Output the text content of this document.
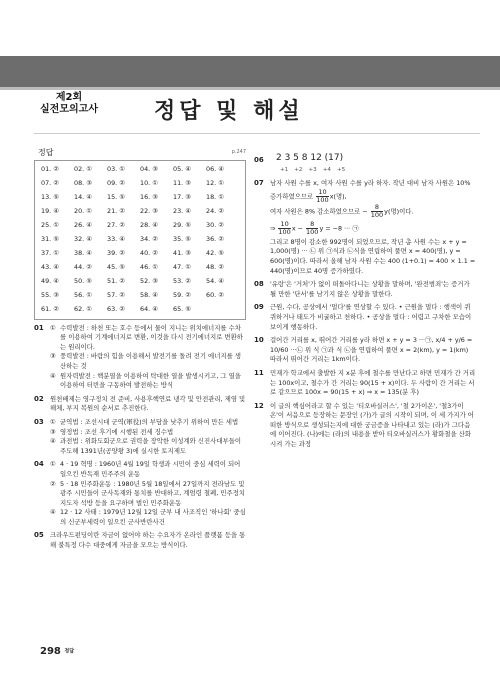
제2회
실전모의고사	정답 및 해설
정답	p.247
01. ②	02. ①	03. ①	04. ③	05. ④	06. ④
07. ②	08. ③	09. ②	10. ①	11. ③	12. ①
13. ⑤	14. ④	15. ⑤	16. ③	17. ③	18. ①
19. ④	20. ①	21. ②	22. ③	23. ④	24. ②
25. ①	26. ④	27. ②	28. ④	29. ⑤	30. ②
31. ⑤	32. ④	33. ④	34. ②	35. ⑤	36. ②
37. ①	38. ④	39. ②	40. ②	41. ③	42. ⑤
43. ④	44. ②	45. ⑤	46. ①	47. ①	48. ②
49. ④	50. ⑤	51. ②	52. ③	53. ②	54. ④
55. ③	56. ①	57. ②	58. ④	59. ②	60. ②
61. ②	62. ①	63. ②	64. ④	65. ⑤
01 ① 수력발전 : 하천 또는 호수 등에서 물이 지니는 위치에너지를 수차를 이용하여 기계에너지로 변환, 이것을 다시 전기에너지로 변환하는 원리이다.
③ 풍력발전 : 바람의 힘을 이용해서 발전기를 돌려 전기 에너지를 생산하는 것
④ 원자력발전 : 핵분열을 이용하여 탁대한 열을 발생시키고, 그 열을 이용하여 터빈을 구동하여 발전하는 방식
02 원천배제는 영구정치 전 준비, 사용후핵연료 냉각 및 안전관리, 제염 및 해체, 부지 복원의 순서로 추진한다.
03 ① 균역법 : 조선시대 군역(軍役)의 부담을 낮추기 위하여 만든 세법
③ 영정법 : 조선 후기에 시행된 전세 징수법
④ 과전법 : 위화도회군으로 권력을 장악한 이성계와 신진사대부들이 주도해 1391년(공양왕 3)에 실시한 토지제도
04 ① 4 · 19 혁명 : 1960년 4월 19일 학생과 시민이 중심 세력이 되어 일으킨 반독재 민주주의 운동
② 5 · 18 민주화운동 : 1980년 5월 18일에서 27일까지 전라남도 및 광주 시민들이 군사독재와 통치를 반대하고, 계엄령 철폐, 민주정치 지도자 석방 등을 요구하며 벌인 민주화운동
④ 12 · 12 사태 : 1979년 12월 12일 군부 내 사조직인 '하나회' 중심의 신군부세력이 일으킨 군사반란사건
05 크라우드펀딩이란 자금이 없어야 하는 수요자가 온라인 플랫폼 등을 통해 불특정 다수 대중에게 자금을 모으는 방식이다.
06	2 3 5 8 12 (17)
+1 +2 +3 +4 +5
07 남자 사원 수를 x, 여자 사원 수를 y라 하자. 작년 대비 남자 사원은 10% 증가하였으므로 $\frac{10}{100} x$(명),
여자 사원은 8% 감소하였으므로 − $\frac{8}{100} y$(명)이다.
⇒ $\frac{10}{100}$ $x - \frac{8}{100}$ y = −8 ··· ㉠
그리고 8명이 감소한 992명이 되었으므로, 작년 총 사원 수는 x + y = 1,000(명) ··· ㉡ 위 ㉠식과 ㉡식을 연립하여 풀면 x = 400(명), y = 600(명)이다. 따라서 올해 남자 사원 수는 400 (1+0.1) = 400 × 1.1 = 440(명)이므로 40명 증가하였다.
08 '유랑'은 '거처'가 없이 떠돌아다니는 상황을 말하며, '완전범죄'는 증거가 될 만한 '단서'를 남기지 않은 상황을 말한다.
09 근원, 수다, 공상에서 '멀다'를 연상할 수 있다. • 근원을 멀다 : 행색이 퀴퀴하거나 태도가 비굴하고 천하다. • 공상을 멀다 : 어렴고 구차한 모습이 보이게 행동하다.
10 걸어간 거리를 x, 뛰어간 거리를 y라 하면 x + y = 3 ···㉠, x/4 + y/6 = 10/60 ···㉡ 위 식 ㉠과 식 ㉡을 연립하여 풀면 x = 2(km), y = 1(km) 따라서 뛰어간 거리는 1km이다.
11 민재가 학교에서 출발한 지 x분 후에 철수를 만난다고 하면 민재가 간 거리는 100x이고, 철수가 간 거리는 90(15 + x)이다. 두 사람이 간 거리는 서로 같으므로 100x = 90(15 + x) ⇒ x = 135(분 후)
12 이 글의 핵심어라고 할 수 있는 '티오바실러스', '철 2가이온', '철3가이온'이 서음으로 등장하는 문장인 (가)가 글의 시작이 되며, 이 세 가지가 어떠한 방식으로 생성되는지에 대한 궁금증을 나타내고 있는 (라)가 그다음에 이어진다. (나)에는 (라)의 내용을 받아 티오바실러스가 황화철을 산화시켜 가는 과정
298 정답
